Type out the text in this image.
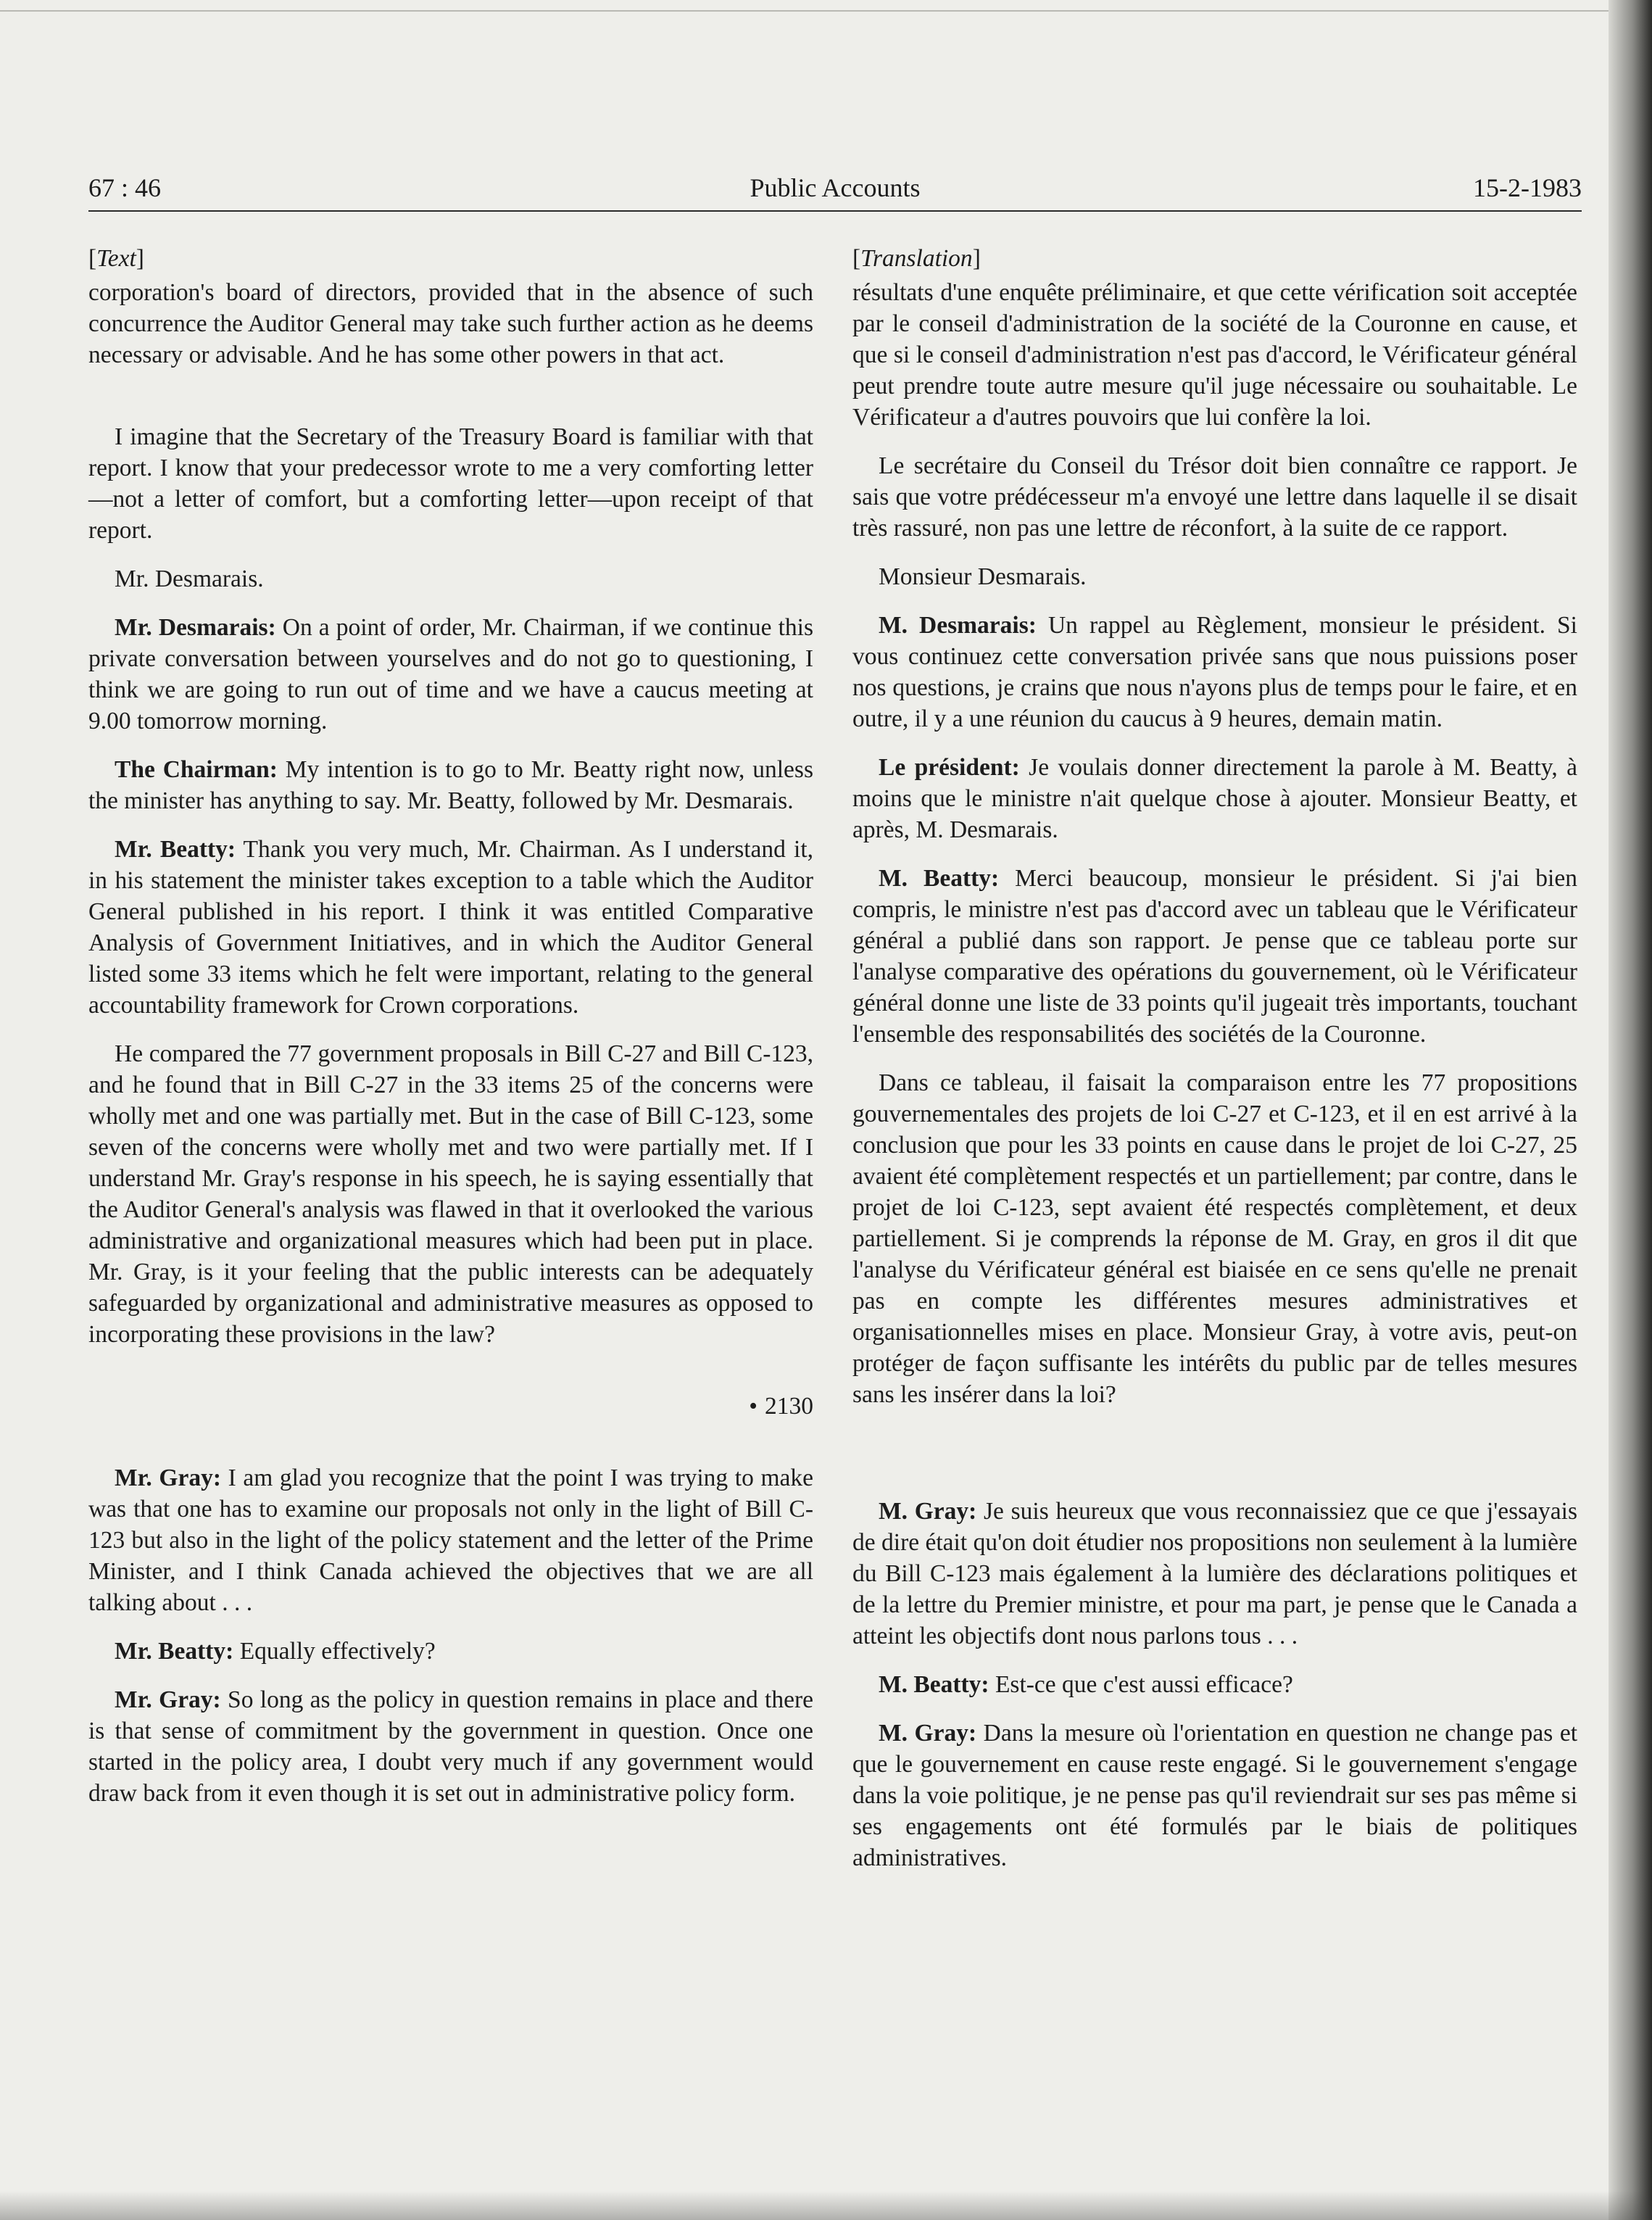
67 : 46	Public Accounts	15-2-1983
[Text]

corporation's board of directors, provided that in the absence of such concurrence the Auditor General may take such further action as he deems necessary or advisable. And he has some other powers in that act.

I imagine that the Secretary of the Treasury Board is familiar with that report. I know that your predecessor wrote to me a very comforting letter—not a letter of comfort, but a comforting letter—upon receipt of that report.

Mr. Desmarais.

Mr. Desmarais: On a point of order, Mr. Chairman, if we continue this private conversation between yourselves and do not go to questioning, I think we are going to run out of time and we have a caucus meeting at 9.00 tomorrow morning.

The Chairman: My intention is to go to Mr. Beatty right now, unless the minister has anything to say. Mr. Beatty, followed by Mr. Desmarais.

Mr. Beatty: Thank you very much, Mr. Chairman. As I understand it, in his statement the minister takes exception to a table which the Auditor General published in his report. I think it was entitled Comparative Analysis of Government Initiatives, and in which the Auditor General listed some 33 items which he felt were important, relating to the general accountability framework for Crown corporations.

He compared the 77 government proposals in Bill C-27 and Bill C-123, and he found that in Bill C-27 in the 33 items 25 of the concerns were wholly met and one was partially met. But in the case of Bill C-123, some seven of the concerns were wholly met and two were partially met. If I understand Mr. Gray's response in his speech, he is saying essentially that the Auditor General's analysis was flawed in that it overlooked the various administrative and organizational measures which had been put in place. Mr. Gray, is it your feeling that the public interests can be adequately safeguarded by organizational and administrative measures as opposed to incorporating these provisions in the law?

• 2130

Mr. Gray: I am glad you recognize that the point I was trying to make was that one has to examine our proposals not only in the light of Bill C-123 but also in the light of the policy statement and the letter of the Prime Minister, and I think Canada achieved the objectives that we are all talking about . . .

Mr. Beatty: Equally effectively?

Mr. Gray: So long as the policy in question remains in place and there is that sense of commitment by the government in question. Once one started in the policy area, I doubt very much if any government would draw back from it even though it is set out in administrative policy form.

[Translation]

résultats d'une enquête préliminaire, et que cette vérification soit acceptée par le conseil d'administration de la société de la Couronne en cause, et que si le conseil d'administration n'est pas d'accord, le Vérificateur général peut prendre toute autre mesure qu'il juge nécessaire ou souhaitable. Le Vérificateur a d'autres pouvoirs que lui confère la loi.

Le secrétaire du Conseil du Trésor doit bien connaître ce rapport. Je sais que votre prédécesseur m'a envoyé une lettre dans laquelle il se disait très rassuré, non pas une lettre de réconfort, à la suite de ce rapport.

Monsieur Desmarais.

M. Desmarais: Un rappel au Règlement, monsieur le président. Si vous continuez cette conversation privée sans que nous puissions poser nos questions, je crains que nous n'ayons plus de temps pour le faire, et en outre, il y a une réunion du caucus à 9 heures, demain matin.

Le président: Je voulais donner directement la parole à M. Beatty, à moins que le ministre n'ait quelque chose à ajouter. Monsieur Beatty, et après, M. Desmarais.

M. Beatty: Merci beaucoup, monsieur le président. Si j'ai bien compris, le ministre n'est pas d'accord avec un tableau que le Vérificateur général a publié dans son rapport. Je pense que ce tableau porte sur l'analyse comparative des opérations du gouvernement, où le Vérificateur général donne une liste de 33 points qu'il jugeait très importants, touchant l'ensemble des responsabilités des sociétés de la Couronne.

Dans ce tableau, il faisait la comparaison entre les 77 propositions gouvernementales des projets de loi C-27 et C-123, et il en est arrivé à la conclusion que pour les 33 points en cause dans le projet de loi C-27, 25 avaient été complètement respectés et un partiellement; par contre, dans le projet de loi C-123, sept avaient été respectés complètement, et deux partiellement. Si je comprends la réponse de M. Gray, en gros il dit que l'analyse du Vérificateur général est biaisée en ce sens qu'elle ne prenait pas en compte les différentes mesures administratives et organisationnelles mises en place. Monsieur Gray, à votre avis, peut-on protéger de façon suffisante les intérêts du public par de telles mesures sans les insérer dans la loi?

M. Gray: Je suis heureux que vous reconnaissiez que ce que j'essayais de dire était qu'on doit étudier nos propositions non seulement à la lumière du Bill C-123 mais également à la lumière des déclarations politiques et de la lettre du Premier ministre, et pour ma part, je pense que le Canada a atteint les objectifs dont nous parlons tous . . .

M. Beatty: Est-ce que c'est aussi efficace?

M. Gray: Dans la mesure où l'orientation en question ne change pas et que le gouvernement en cause reste engagé. Si le gouvernement s'engage dans la voie politique, je ne pense pas qu'il reviendrait sur ses pas même si ses engagements ont été formulés par le biais de politiques administratives.
